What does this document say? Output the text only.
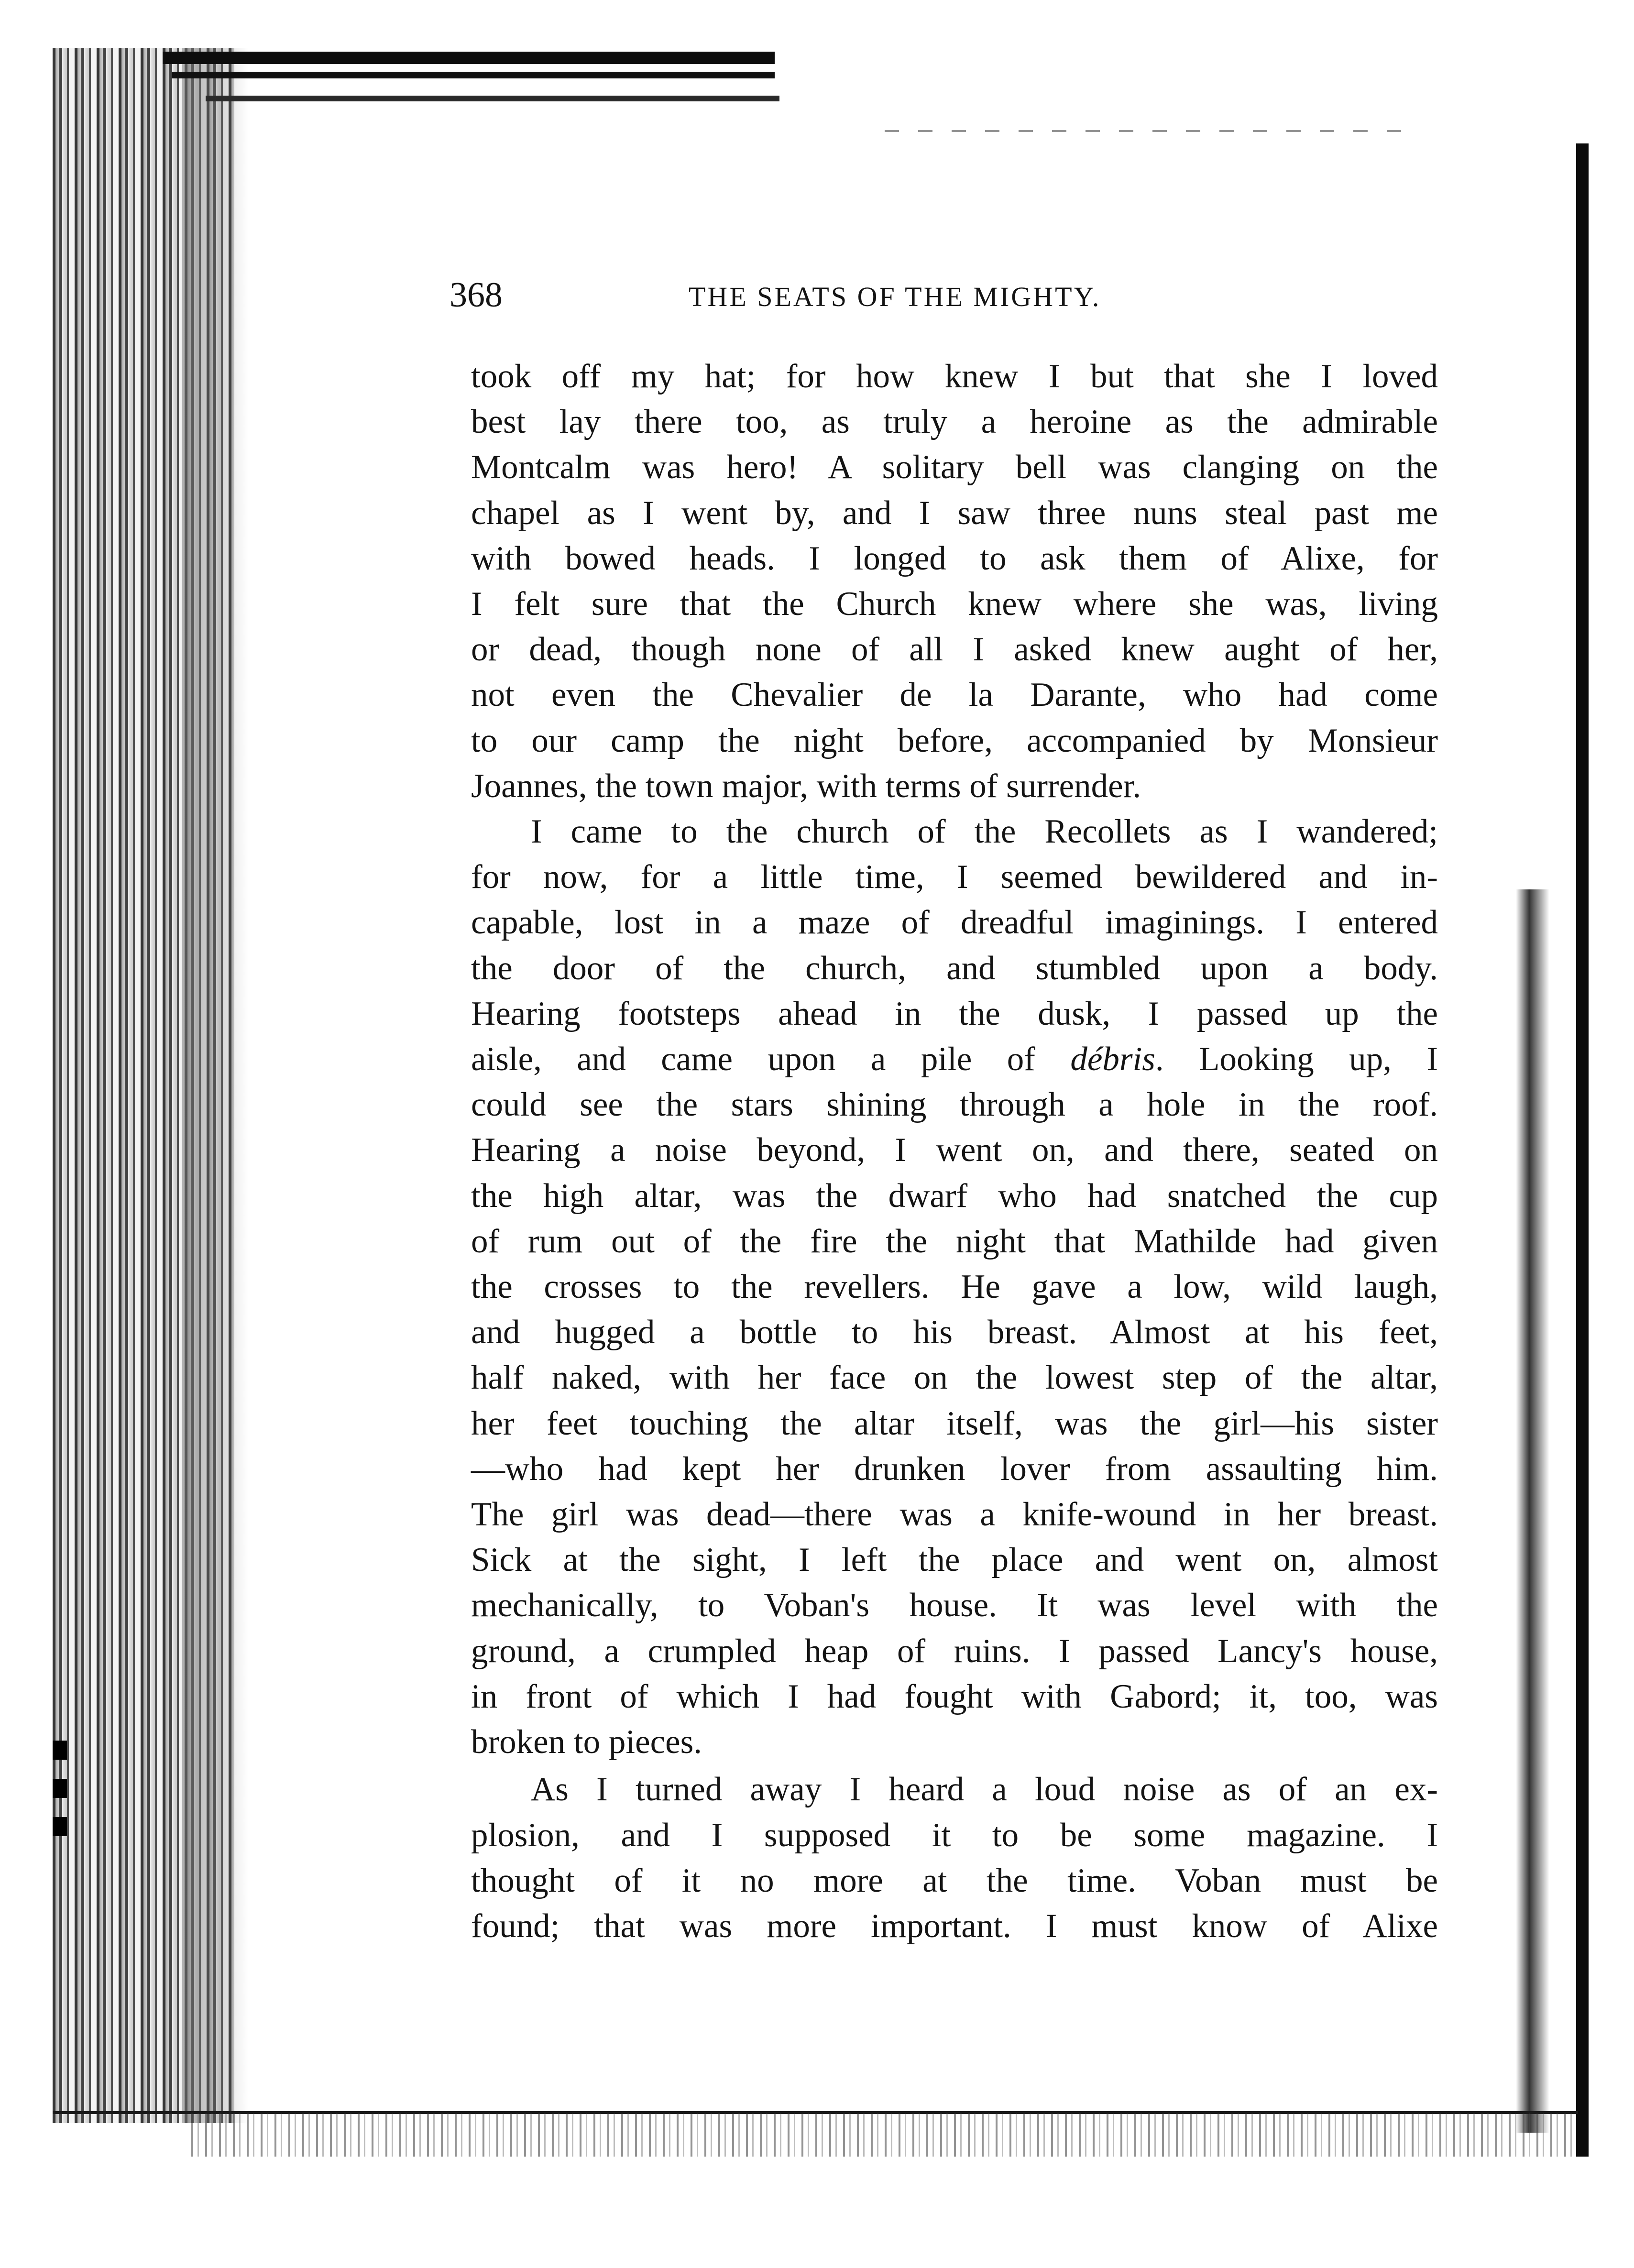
368	THE SEATS OF THE MIGHTY.

took off my hat; for how knew I but that she I loved
best lay there too, as truly a heroine as the admirable
Montcalm was hero! A solitary bell was clanging on the
chapel as I went by, and I saw three nuns steal past me
with bowed heads. I longed to ask them of Alixe, for
I felt sure that the Church knew where she was, living
or dead, though none of all I asked knew aught of her,
not even the Chevalier de la Darante, who had come
to our camp the night before, accompanied by Monsieur
Joannes, the town major, with terms of surrender.

I came to the church of the Recollets as I wandered;
for now, for a little time, I seemed bewildered and in-
capable, lost in a maze of dreadful imaginings. I entered
the door of the church, and stumbled upon a body.
Hearing footsteps ahead in the dusk, I passed up the
aisle, and came upon a pile of débris. Looking up, I
could see the stars shining through a hole in the roof.
Hearing a noise beyond, I went on, and there, seated on
the high altar, was the dwarf who had snatched the cup
of rum out of the fire the night that Mathilde had given
the crosses to the revellers. He gave a low, wild laugh,
and hugged a bottle to his breast. Almost at his feet,
half naked, with her face on the lowest step of the altar,
her feet touching the altar itself, was the girl—his sister
—who had kept her drunken lover from assaulting him.
The girl was dead—there was a knife-wound in her breast.
Sick at the sight, I left the place and went on, almost
mechanically, to Voban's house. It was level with the
ground, a crumpled heap of ruins. I passed Lancy's house,
in front of which I had fought with Gabord; it, too, was
broken to pieces.

As I turned away I heard a loud noise as of an ex-
plosion, and I supposed it to be some magazine. I
thought of it no more at the time. Voban must be
found; that was more important. I must know of Alixe
